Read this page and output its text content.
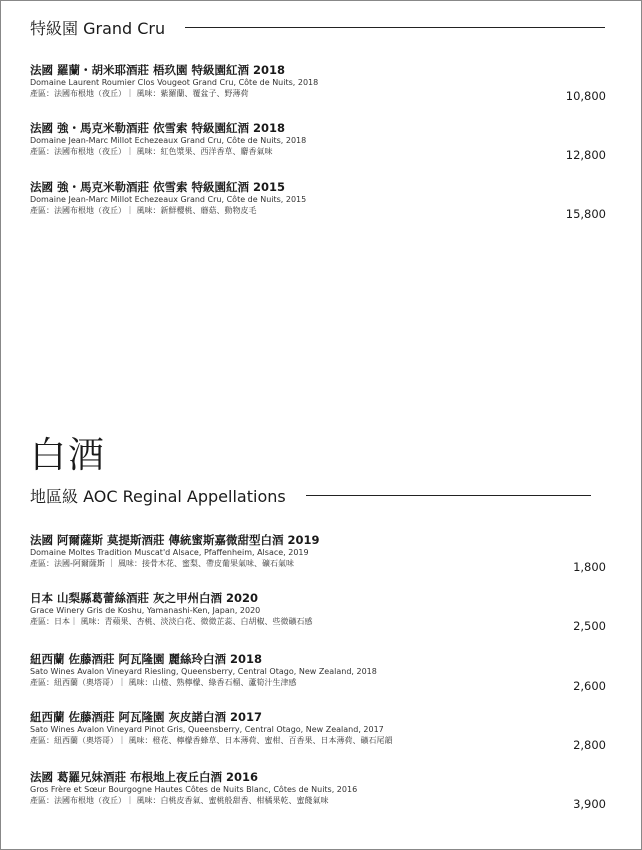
特級園 Grand Cru
法國 羅蘭・胡米耶酒莊 梧玖園 特級園紅酒 2018
Domaine Laurent Roumier Clos Vougeot Grand Cru, Côte de Nuits, 2018
產區：法國布根地（夜丘）｜ 風味：紫羅蘭、覆盆子、野薄荷	10,800
法國 強・馬克米勒酒莊 依雪索 特級園紅酒 2018
Domaine Jean-Marc Millot Echezeaux Grand Cru, Côte de Nuits, 2018
產區：法國布根地（夜丘）｜ 風味：紅色漿果、西洋香草、麝香氣味	12,800
法國 強・馬克米勒酒莊 依雪索 特級園紅酒 2015
Domaine Jean-Marc Millot Echezeaux Grand Cru, Côte de Nuits, 2015
產區：法國布根地（夜丘）｜ 風味：新鮮櫻桃、蘑菇、動物皮毛	15,800
白酒
地區級 AOC Reginal Appellations
法國 阿爾薩斯 莫提斯酒莊 傳統蜜斯嘉微甜型白酒 2019
Domaine Moltes Tradition Muscat'd Alsace, Pfaffenheim, Alsace, 2019
產區：法國-阿爾薩斯 ｜ 風味：接骨木花、蜜梨、帶皮葡果氣味、礦石氣味	1,800
日本 山梨縣葛蕾絲酒莊 灰之甲州白酒 2020
Grace Winery Gris de Koshu, Yamanashi-Ken, Japan, 2020
產區：日本｜ 風味：青蘋果、杏桃、淡淡白花、微微芷蕊、白胡椒、些微礦石感	2,500
紐西蘭 佐藤酒莊 阿瓦隆園 麗絲玲白酒 2018
Sato Wines Avalon Vineyard Riesling, Queensberry, Central Otago, New Zealand, 2018
產區：紐西蘭（奧塔哥）｜ 風味：山楂、熟檸檬、綠香石榴、蘆筍汁生津感	2,600
紐西蘭 佐藤酒莊 阿瓦隆園 灰皮諾白酒 2017
Sato Wines Avalon Vineyard Pinot Gris, Queensberry, Central Otago, New Zealand, 2017
產區：紐西蘭（奧塔哥）｜ 風味：橙花、檸檬香蜂草、日本薄荷、蜜柑、百香果、日本薄荷、礦石尾韻	2,800
法國 葛羅兄妹酒莊 布根地上夜丘白酒 2016
Gros Frère et Sœur Bourgogne Hautes Côtes de Nuits Blanc, Côtes de Nuits, 2016
產區：法國布根地（夜丘）｜ 風味：白桃皮香氣、蜜桃般甜香、柑橘果乾、蜜餞氣味	3,900
